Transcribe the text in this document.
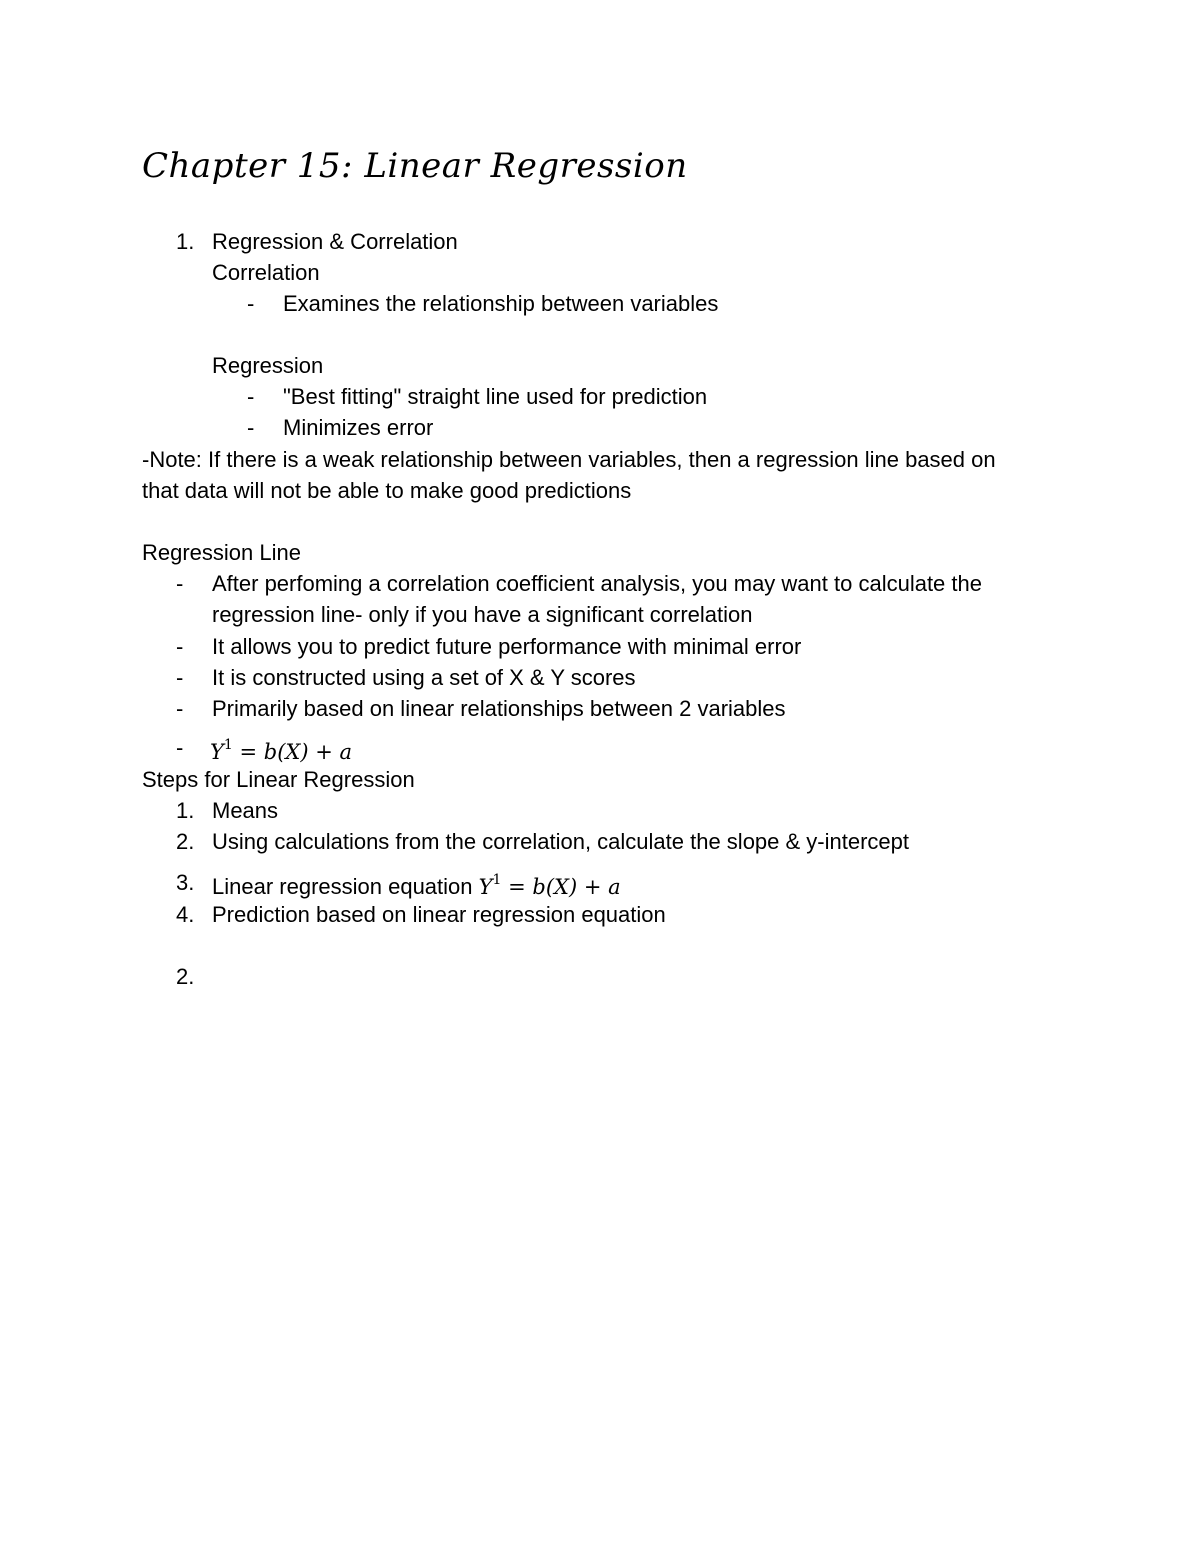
Chapter 15: Linear Regression
1. Regression & Correlation
Correlation
- Examines the relationship between variables
Regression
- "Best fitting" straight line used for prediction
- Minimizes error
-Note: If there is a weak relationship between variables, then a regression line based on
that data will not be able to make good predictions
Regression Line
- After perfoming a correlation coefficient analysis, you may want to calculate the
regression line- only if you have a significant correlation
- It allows you to predict future performance with minimal error
- It is constructed using a set of X & Y scores
- Primarily based on linear relationships between 2 variables
- $Y^1 = b(X) + a$
Steps for Linear Regression
1. Means
2. Using calculations from the correlation, calculate the slope & y-intercept
3. Linear regression equation $Y^1 = b(X) + a$
4. Prediction based on linear regression equation
2.
